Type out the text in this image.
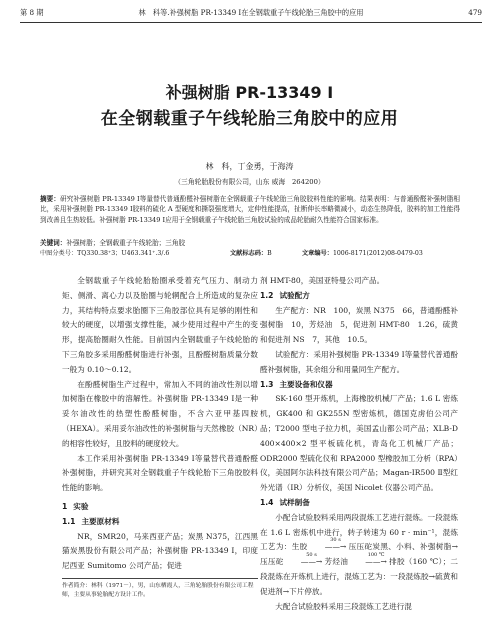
第 8 期	林　科等.补强树脂 PR-13349 Ⅰ在全钢载重子午线轮胎三角胶中的应用	479
补强树脂 PR-13349 Ⅰ
在全钢载重子午线轮胎三角胶中的应用
林　科，丁金勇，于海涛
（三角轮胎股份有限公司，山东 威海　264200）
摘要：研究补强树脂 PR-13349 Ⅰ等量替代普通酚醛补强树脂在全钢载重子午线轮胎三角胶胶料性能的影响。结果表明：与普通酚醛补强树脂相比，采用补强树脂 PR-13349 Ⅰ胶料的硫化 A 型硬度和撕裂强度增大，定伸性能提高，扯断伸长率略微减小，动态生热降低，胶料的加工性能得到改善且生热较低。补强树脂 PR-13349 Ⅰ应用于全钢载重子午线轮胎三角胶试验的成品轮胎耐久性能符合国家标准。
关键词：补强树脂；全钢载重子午线轮胎；三角胶
中图分类号：TQ330.38⁺3；U463.341⁺.3/.6	文献标志码：B	文章编号：1006-8171(2012)08-0479-03

全钢载重子午线轮胎胎圈承受着充气压力、制动力矩、侧滑、离心力以及胎圈与轮辋配合上所造成的复杂应力，其结构特点要求胎圈下三角胶部位具有足够的刚性和较大的硬度，以增强支撑性能，减少使用过程中产生的变形，提高胎圈耐久性能。目前国内全钢载重子午线轮胎的下三角胶多采用酚醛树脂进行补强，且酚醛树脂质量分数一般为 0.10～0.12。

在酚醛树脂生产过程中，常加入不同的油改性剂以增加树脂在橡胶中的溶解性。补强树脂 PR-13349 Ⅰ是一种妥尔油改性的热塑性酚醛树脂，不含六亚甲基四胺（HEXA）。采用妥尔油改性的补强树脂与天然橡胶（NR）的相容性较好，且胶料的硬度较大。

本工作采用补强树脂 PR-13349 Ⅰ等量替代普通酚醛补强树脂，并研究其对全钢载重子午线轮胎下三角胶胶料性能的影响。

1 实验
1.1 主要原材料

NR，SMR20，马来西亚产品；炭黑 N375，江西黑猫炭黑股份有限公司产品；补强树脂 PR-13349 Ⅰ，印度尼西亚 Sumitomo 公司产品；促进

作者简介：林科（1971－），男，山东栖霞人，三角轮胎股份有限公司工程师，主要从事轮胎配方设计工作。

剂 HMT-80，美国亚特曼公司产品。

1.2 试验配方

生产配方：NR　100，炭黑 N375　66，普通酚醛补强树脂　10，芳烃油　5，促进剂 HMT-80　1.26，硫黄和促进剂 NS　7，其他　10.5。

试验配方：采用补强树脂 PR-13349 Ⅰ等量替代普通酚醛补强树脂，其余组分和用量同生产配方。

1.3 主要设备和仪器

SK-160 型开炼机，上海橡胶机械厂产品；1.6 L 密炼机，GK400 和 GK255N 型密炼机，德国克虏伯公司产品；T2000 型电子拉力机，美国孟山都公司产品；XLB-D 400×400×2 型平板硫化机，青岛化工机械厂产品；ODR2000 型硫化仪和 RPA2000 型橡胶加工分析（RPA）仪，美国阿尔法科技有限公司产品；Magan-IR500 Ⅱ型红外光谱（IR）分析仪，美国 Nicolet 仪器公司产品。

1.4 试样制备

小配合试验胶料采用两段混炼工艺进行混炼。一段混炼在 1.6 L 密炼机中进行，转子转速为 60 r · min⁻¹，混炼工艺为：生胶
30 s
——→ 压压砣炭黑、小料、补强树脂→压压砣
50 s
——→ 芳烃油
100 ℃
——→ 排胶（160 ℃）；二段混炼在开炼机上进行，混炼工艺为：一段混炼胶→硫黄和促进剂→下片停放。

大配合试验胶料采用三段混炼工艺进行混
